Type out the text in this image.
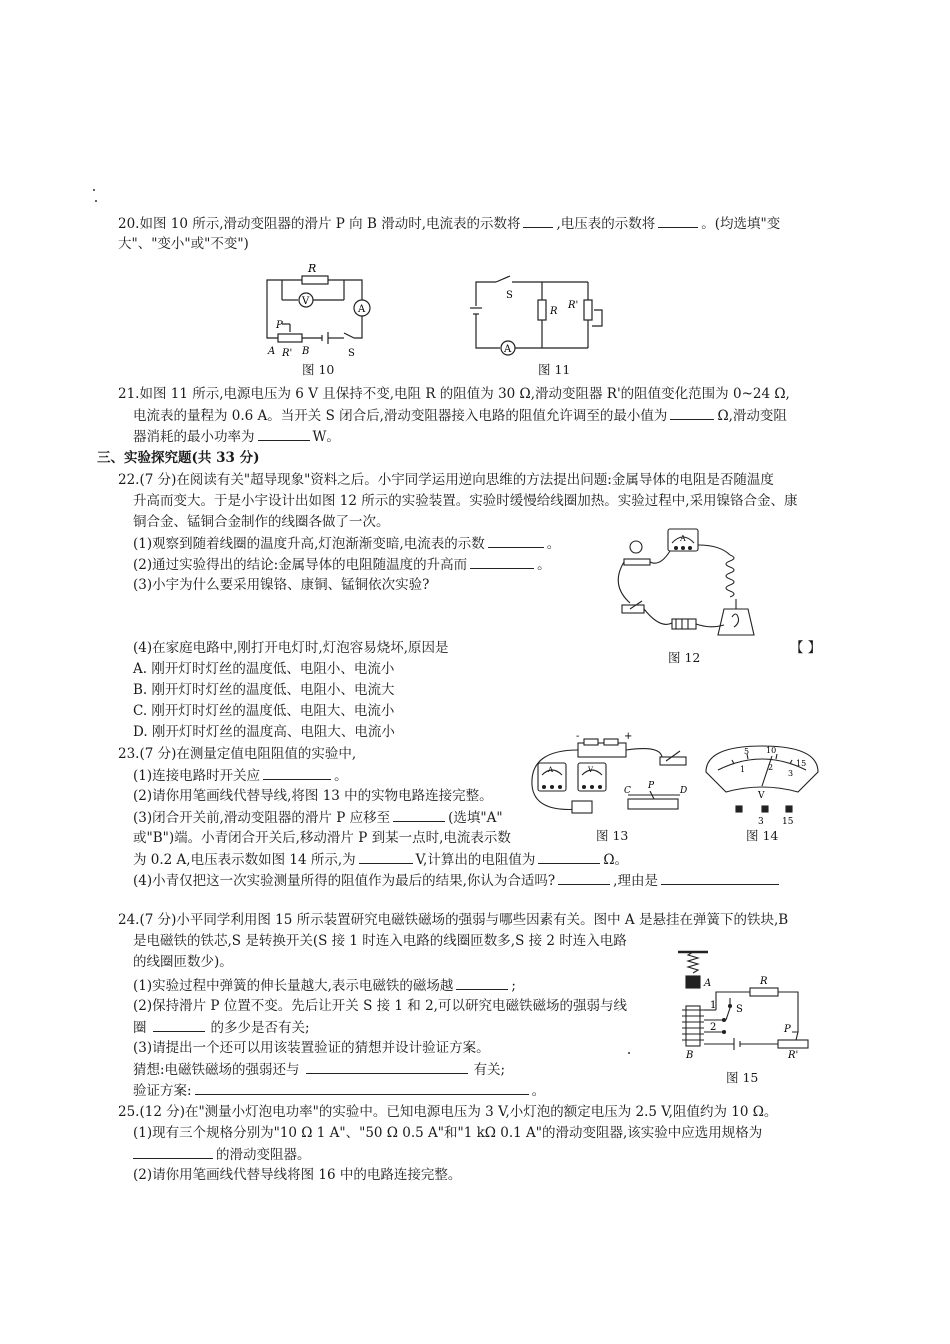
20.如图 10 所示,滑动变阻器的滑片 P 向 B 滑动时,电流表的示数将	,电压表的示数将	。(均选填"变
大"、"变小"或"不变")
R
V
A
P
A R' B	S
图 10
S
R
R'
A
图 11
21.如图 11 所示,电源电压为 6 V 且保持不变,电阻 R 的阻值为 30 Ω,滑动变阻器 R'的阻值变化范围为 0~24 Ω,
电流表的量程为 0.6 A。当开关 S 闭合后,滑动变阻器接入电路的阻值允许调至的最小值为	Ω,滑动变阻
器消耗的最小功率为	W。
三、实验探究题(共 33 分)
22.(7 分)在阅读有关"超导现象"资料之后。小宇同学运用逆向思维的方法提出问题:金属导体的电阻是否随温度
升高而变大。于是小宇设计出如图 12 所示的实验装置。实验时缓慢给线圈加热。实验过程中,采用镍铬合金、康
铜合金、锰铜合金制作的线圈各做了一次。
(1)观察到随着线圈的温度升高,灯泡渐渐变暗,电流表的示数	。
(2)通过实验得出的结论:金属导体的电阻随温度的升高而	。
(3)小宇为什么要采用镍铬、康铜、锰铜依次实验?
(4)在家庭电路中,刚打开电灯时,灯泡容易烧坏,原因是	【 】
A. 刚开灯时灯丝的温度低、电阻小、电流小
B. 刚开灯时灯丝的温度低、电阻小、电流大
C. 刚开灯时灯丝的温度低、电阻大、电流小
D. 刚开灯时灯丝的温度高、电阻大、电流小
A
图 12
23.(7 分)在测量定值电阻阻值的实验中,
(1)连接电路时开关应	。
(2)请你用笔画线代替导线,将图 13 中的实物电路连接完整。
(3)闭合开关前,滑动变阻器的滑片 P 应移至	(选填"A"
或"B")端。小青闭合开关后,移动滑片 P 到某一点时,电流表示数
为 0.2 A,电压表示数如图 14 所示,为	V,计算出的电阻值为	Ω。
(4)小青仅把这一次实验测量所得的阻值作为最后的结果,你认为合适吗?	,理由是
+
-
A	V
C P	D
图 13
5 10
15
1	2
3
V
3 15
图 14
24.(7 分)小平同学利用图 15 所示装置研究电磁铁磁场的强弱与哪些因素有关。图中 A 是悬挂在弹簧下的铁块,B
是电磁铁的铁芯,S 是转换开关(S 接 1 时连入电路的线圈匝数多,S 接 2 时连入电路
的线圈匝数少)。
(1)实验过程中弹簧的伸长量越大,表示电磁铁的磁场越	;
(2)保持滑片 P 位置不变。先后让开关 S 接 1 和 2,可以研究电磁铁磁场的强弱与线
圈	的多少是否有关;
(3)请提出一个还可以用该装置验证的猜想并设计验证方案。
猜想:电磁铁磁场的强弱还与	有关;
验证方案:	。
A	R
1 S
2	P
B	R'
图 15
25.(12 分)在"测量小灯泡电功率"的实验中。已知电源电压为 3 V,小灯泡的额定电压为 2.5 V,阻值约为 10 Ω。
(1)现有三个规格分别为"10 Ω 1 A"、"50 Ω 0.5 A"和"1 kΩ 0.1 A"的滑动变阻器,该实验中应选用规格为
的滑动变阻器。
(2)请你用笔画线代替导线将图 16 中的电路连接完整。
